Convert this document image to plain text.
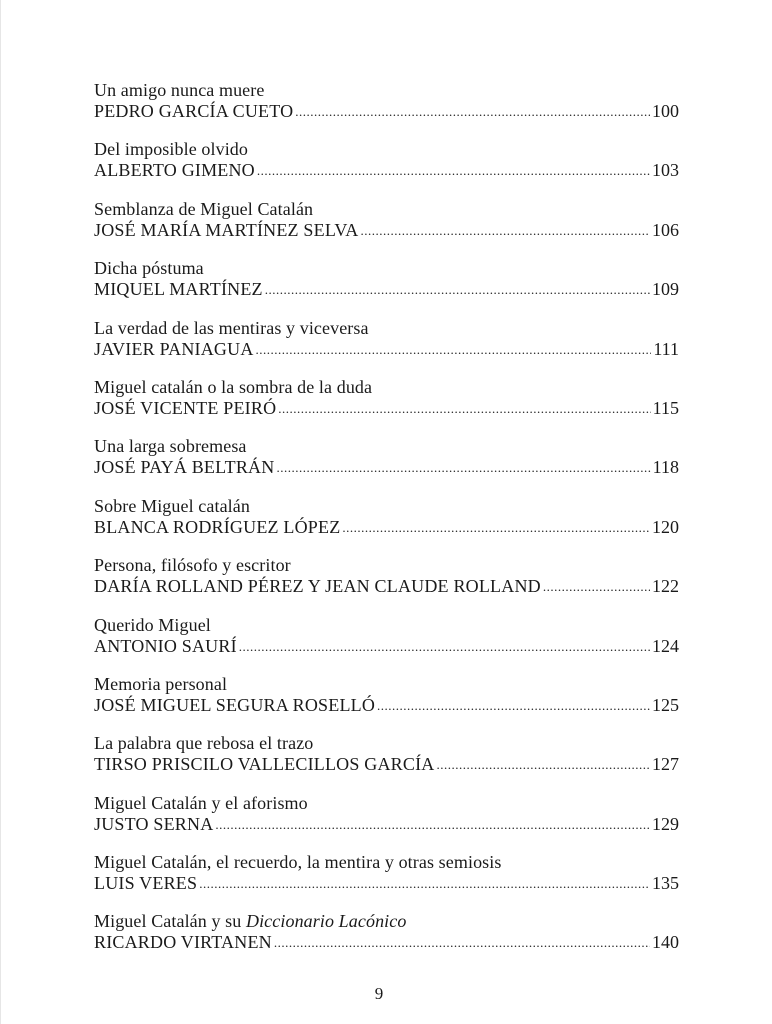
Un amigo nunca muere
PEDRO GARCÍA CUETO .....	100
Del imposible olvido
ALBERTO GIMENO .....	103
Semblanza de Miguel Catalán
JOSÉ MARÍA MARTÍNEZ SELVA .....	106
Dicha póstuma
MIQUEL MARTÍNEZ .....	109
La verdad de las mentiras y viceversa
JAVIER PANIAGUA .....	111
Miguel catalán o la sombra de la duda
JOSÉ VICENTE PEIRÓ .....	115
Una larga sobremesa
JOSÉ PAYÁ BELTRÁN .....	118
Sobre Miguel catalán
BLANCA RODRÍGUEZ LÓPEZ .....	120
Persona, filósofo y escritor
DARÍA ROLLAND PÉREZ Y JEAN CLAUDE ROLLAND .....	122
Querido Miguel
ANTONIO SAURÍ .....	124
Memoria personal
JOSÉ MIGUEL SEGURA ROSELLÓ .....	125
La palabra que rebosa el trazo
TIRSO PRISCILO VALLECILLOS GARCÍA .....	127
Miguel Catalán y el aforismo
JUSTO SERNA .....	129
Miguel Catalán, el recuerdo, la mentira y otras semiosis
LUIS VERES .....	135
Miguel Catalán y su Diccionario Lacónico
RICARDO VIRTANEN .....	140
9
